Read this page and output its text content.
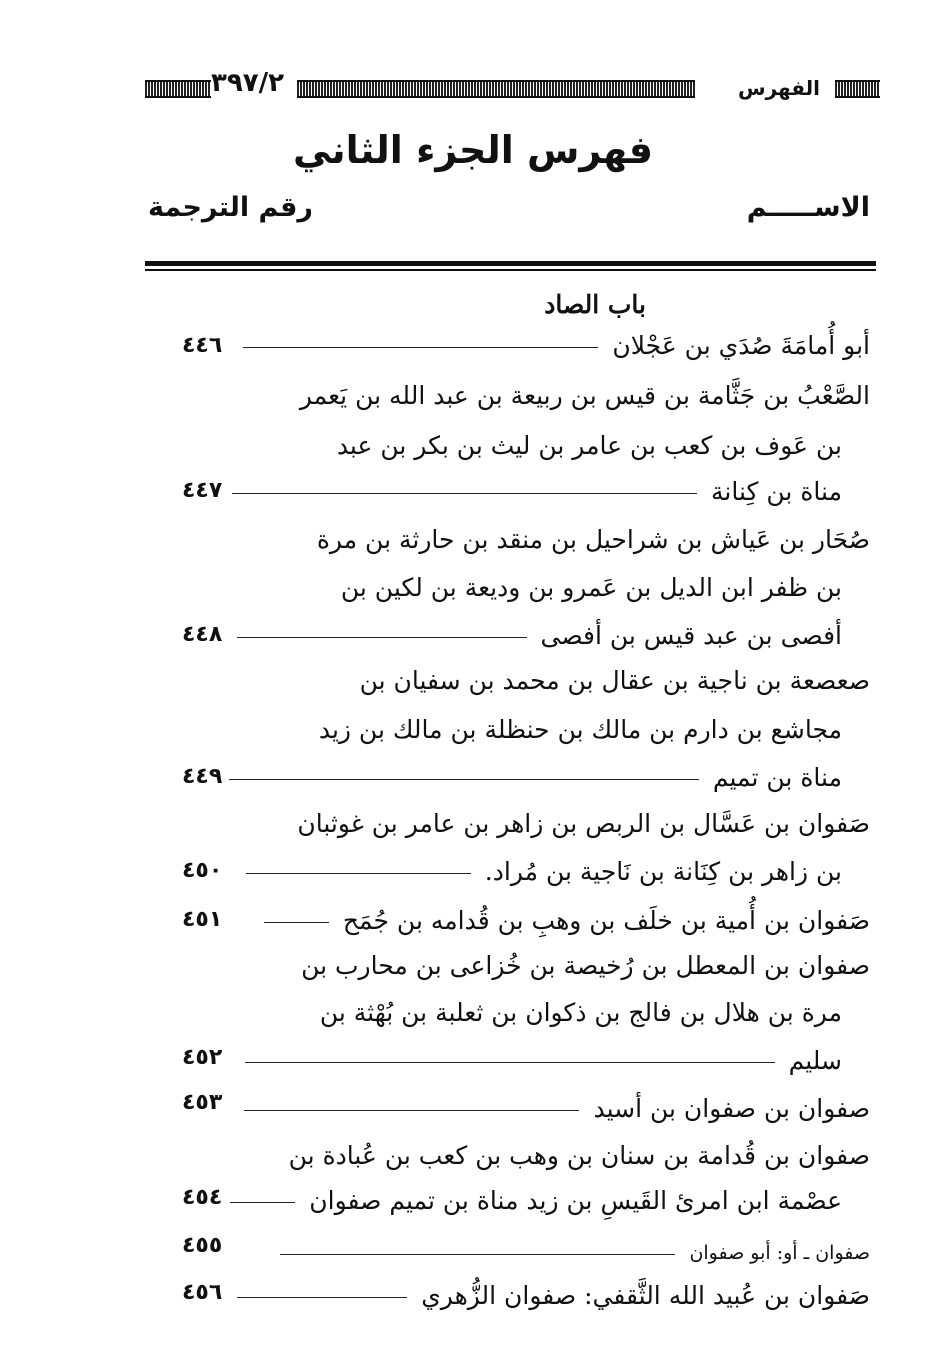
الفهرس
٣٩٧/٢
فهرس الجزء الثاني
الاســـــم
رقم الترجمة
باب الصاد
أبو أُمامَةَ صُدَي بن عَجْلان
٤٤٦
الصَّعْبُ بن جَثَّامة بن قيس بن ربيعة بن عبد الله بن يَعمر
بن عَوف بن كعب بن عامر بن ليث بن بكر بن عبد
مناة بن كِنانة
٤٤٧
صُحَار بن عَياش بن شراحيل بن منقد بن حارثة بن مرة
بن ظفر ابن الديل بن عَمرو بن وديعة بن لكين بن
أفصى بن عبد قيس بن أفصى
٤٤٨
صعصعة بن ناجية بن عقال بن محمد بن سفيان بن
مجاشع بن دارم بن مالك بن حنظلة بن مالك بن زيد
مناة بن تميم
٤٤٩
صَفوان بن عَسَّال بن الربص بن زاهر بن عامر بن غوثبان
بن زاهر بن كِنَانة بن نَاجية بن مُراد.
٤٥٠
صَفوان بن أُمية بن خلَف بن وهبِ بن قُدامه بن جُمَح
٤٥١
صفوان بن المعطل بن رُخيصة بن خُزاعى بن محارب بن
مرة بن هلال بن فالج بن ذكوان بن ثعلبة بن بُهْثة بن
سليم
٤٥٢
صفوان بن صفوان بن أسيد
٤٥٣
صفوان بن قُدامة بن سنان بن وهب بن كعب بن عُبادة بن
عصْمة ابن امرئ القَيسِ بن زيد مناة بن تميم صفوان
٤٥٤
صفوان ـ أو: أبو صفوان
٤٥٥
صَفوان بن عُبيد الله الثَّقفي: صفوان الزُّهري
٤٥٦
